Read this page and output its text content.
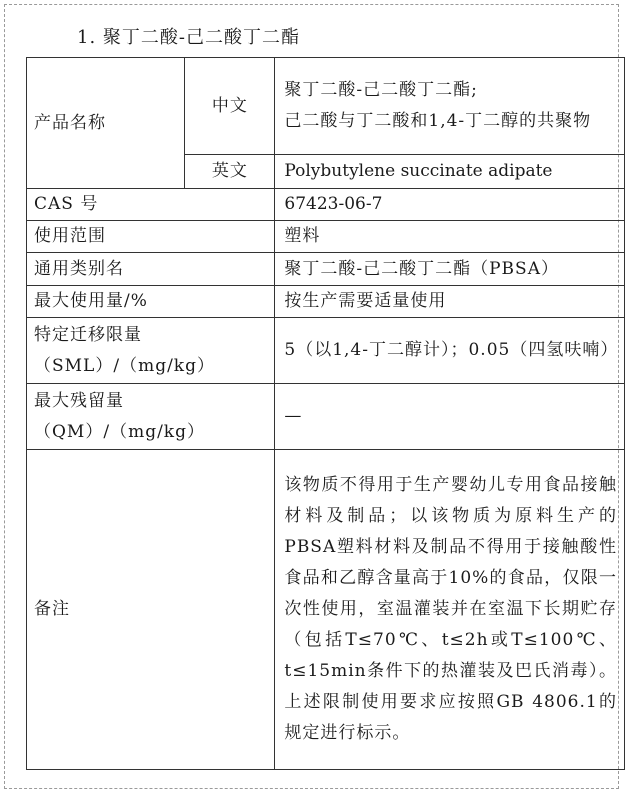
1. 聚丁二酸-己二酸丁二酯
产品名称	中文	聚丁二酸-己二酸丁二酯;
己二酸与丁二酸和1,4-丁二醇的共聚物

	英文	Polybutylene succinate adipate
CAS 号		67423-06-7
使用范围		塑料
通用类别名		聚丁二酸-己二酸丁二酯（PBSA）
最大使用量/%		按生产需要适量使用

特定迁移限量
（SML）/（mg/kg）		5（以1,4-丁二醇计）；0.05（四氢呋喃）

最大残留量
（QM）/（mg/kg）		—
备注		该物质不得用于生产婴幼儿专用食品接触材料及制品；以该物质为原料生产的PBSA塑料材料及制品不得用于接触酸性食品和乙醇含量高于10%的食品，仅限一次性使用，室温灌装并在室温下长期贮存（包括T≤70℃、t≤2h或T≤100℃、t≤15min条件下的热灌装及巴氏消毒）。上述限制使用要求应按照GB 4806.1的规定进行标示。
